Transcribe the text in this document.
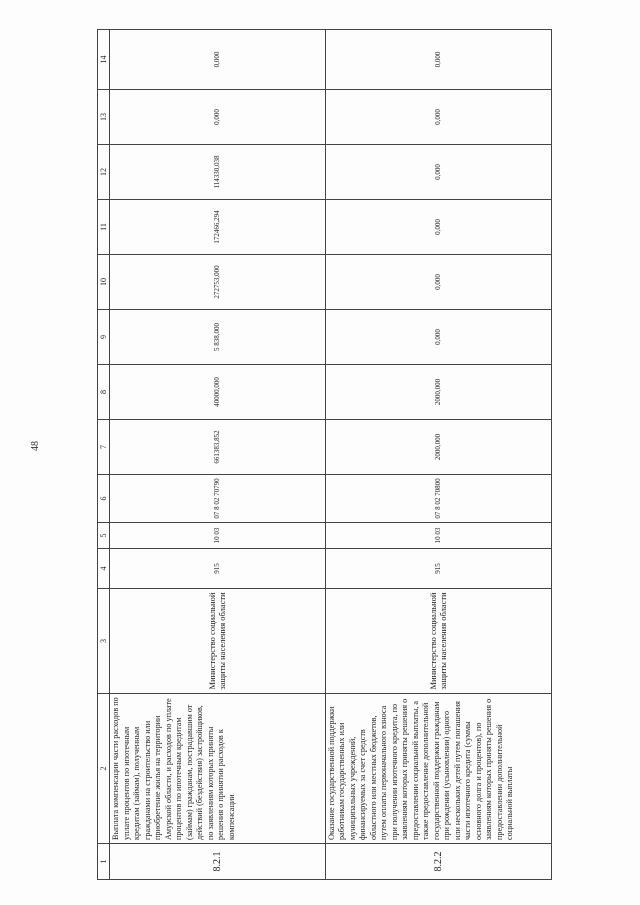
48
1	2	3	4	5	6	7	8	9	10	11	12	13	14
8.2.1	Выплата компенсации части расходов по уплате процентов по ипотечным кредитам (займам), полученным гражданами на строительство или приобретение жилья на территории Амурской области, и расходов по уплате процентов по ипотечным кредитам (займам) гражданам, пострадавшим от действий (бездействия) застройщиков, по заявлениям которых приняты решения о принятии расходов к компенсации	Министерство социальной защиты населения области	915	10 03	07 8 02 70790	661383,852	40000,000	5 838,000	272753,000	172466,294	114330,038	0,000	0,000
8.2.2	Оказание государственной поддержки работникам государственных или муниципальных учреждений, финансируемых за счет средств областного или местных бюджетов, путем оплаты первоначального взноса при получении ипотечного кредита, по заявлениям которых приняты решения о предоставлении социальной выплаты, а также предоставление дополнительной государственной поддержки гражданам при рождении (усыновлении) одного или нескольких детей путем погашения части ипотечного кредита (суммы основного долга и процентов), по заявлениям которых приняты решения о предоставлении дополнительной социальной выплаты	Министерство социальной защиты населения области	915	10 03	07 8 02 70800	2000,000	2000,000	0,000	0,000	0,000	0,000	0,000	0,000
